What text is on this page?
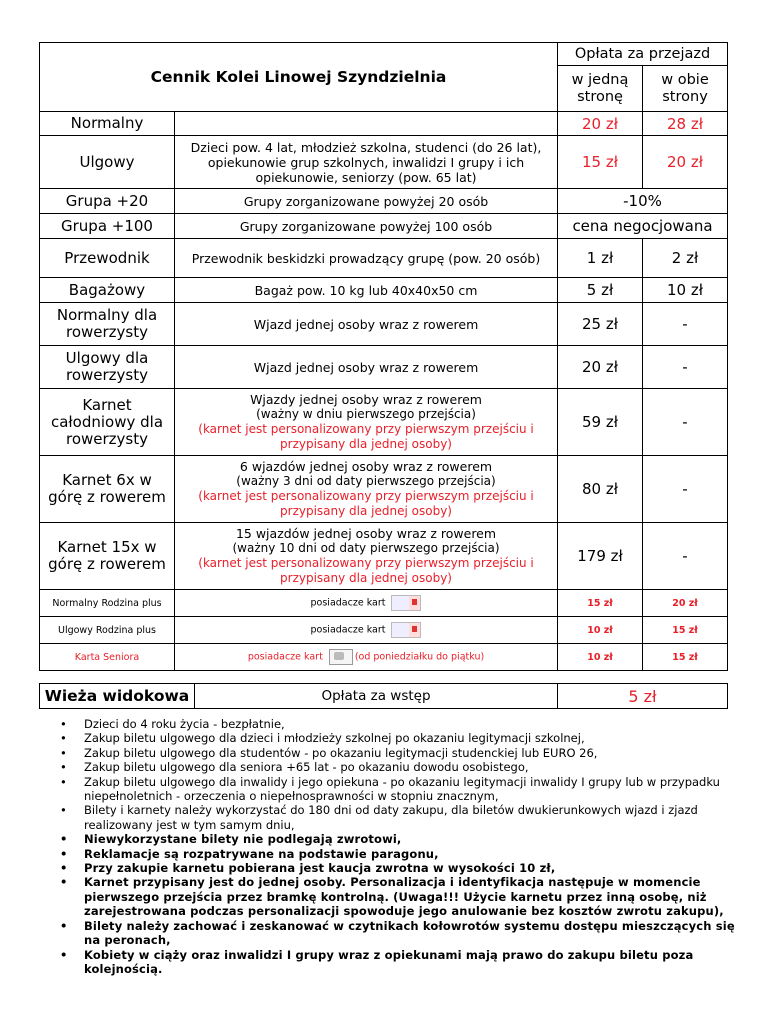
Cennik Kolei Linowej Szyndzielnia		Opłata za przejazd	
		w jedną stronę	w obie strony
Normalny		20 zł	28 zł
Ulgowy	Dzieci pow. 4 lat, młodzież szkolna, studenci (do 26 lat), opiekunowie grup szkolnych, inwalidzi I grupy i ich opiekunowie, seniorzy (pow. 65 lat)	15 zł	20 zł
Grupa +20	Grupy zorganizowane powyżej 20 osób	-10%	
Grupa +100	Grupy zorganizowane powyżej 100 osób	cena negocjowana	
Przewodnik	Przewodnik beskidzki prowadzący grupę (pow. 20 osób)	1 zł	2 zł
Bagażowy	Bagaż pow. 10 kg lub 40x40x50 cm	5 zł	10 zł
Normalny dla rowerzysty	Wjazd jednej osoby wraz z rowerem	25 zł	-
Ulgowy dla rowerzysty	Wjazd jednej osoby wraz z rowerem	20 zł	-
Karnet całodniowy dla rowerzysty	Wjazdy jednej osoby wraz z rowerem
(ważny w dniu pierwszego przejścia)
(karnet jest personalizowany przy pierwszym przejściu i przypisany dla jednej osoby)	59 zł	-
Karnet 6x w górę z rowerem	6 wjazdów jednej osoby wraz z rowerem
(ważny 3 dni od daty pierwszego przejścia)
(karnet jest personalizowany przy pierwszym przejściu i przypisany dla jednej osoby)	80 zł	-
Karnet 15x w górę z rowerem	15 wjazdów jednej osoby wraz z rowerem
(ważny 10 dni od daty pierwszego przejścia)
(karnet jest personalizowany przy pierwszym przejściu i przypisany dla jednej osoby)	179 zł	-
Normalny Rodzina plus	posiadacze kart	15 zł	20 zł
Ulgowy Rodzina plus	posiadacze kart	10 zł	15 zł
Karta Seniora	posiadacze kart (od poniedziałku do piątku)	10 zł	15 zł
Wieża widokowa	Opłata za wstęp	5 zł
• Dzieci do 4 roku życia - bezpłatnie,
• Zakup biletu ulgowego dla dzieci i młodzieży szkolnej po okazaniu legitymacji szkolnej,
• Zakup biletu ulgowego dla studentów - po okazaniu legitymacji studenckiej lub EURO 26,
• Zakup biletu ulgowego dla seniora +65 lat - po okazaniu dowodu osobistego,
• Zakup biletu ulgowego dla inwalidy i jego opiekuna - po okazaniu legitymacji inwalidy I grupy lub w przypadku niepełnoletnich - orzeczenia o niepełnosprawności w stopniu znacznym,
• Bilety i karnety należy wykorzystać do 180 dni od daty zakupu, dla biletów dwukierunkowych wjazd i zjazd realizowany jest w tym samym dniu,
• Niewykorzystane bilety nie podlegają zwrotowi,
• Reklamacje są rozpatrywane na podstawie paragonu,
• Przy zakupie karnetu pobierana jest kaucja zwrotna w wysokości 10 zł,
• Karnet przypisany jest do jednej osoby. Personalizacja i identyfikacja następuje w momencie pierwszego przejścia przez bramkę kontrolną. (Uwaga!!! Użycie karnetu przez inną osobę, niż zarejestrowana podczas personalizacji spowoduje jego anulowanie bez kosztów zwrotu zakupu),
• Bilety należy zachować i zeskanować w czytnikach kołowrotów systemu dostępu mieszczących się na peronach,
• Kobiety w ciąży oraz inwalidzi I grupy wraz z opiekunami mają prawo do zakupu biletu poza kolejnością.
